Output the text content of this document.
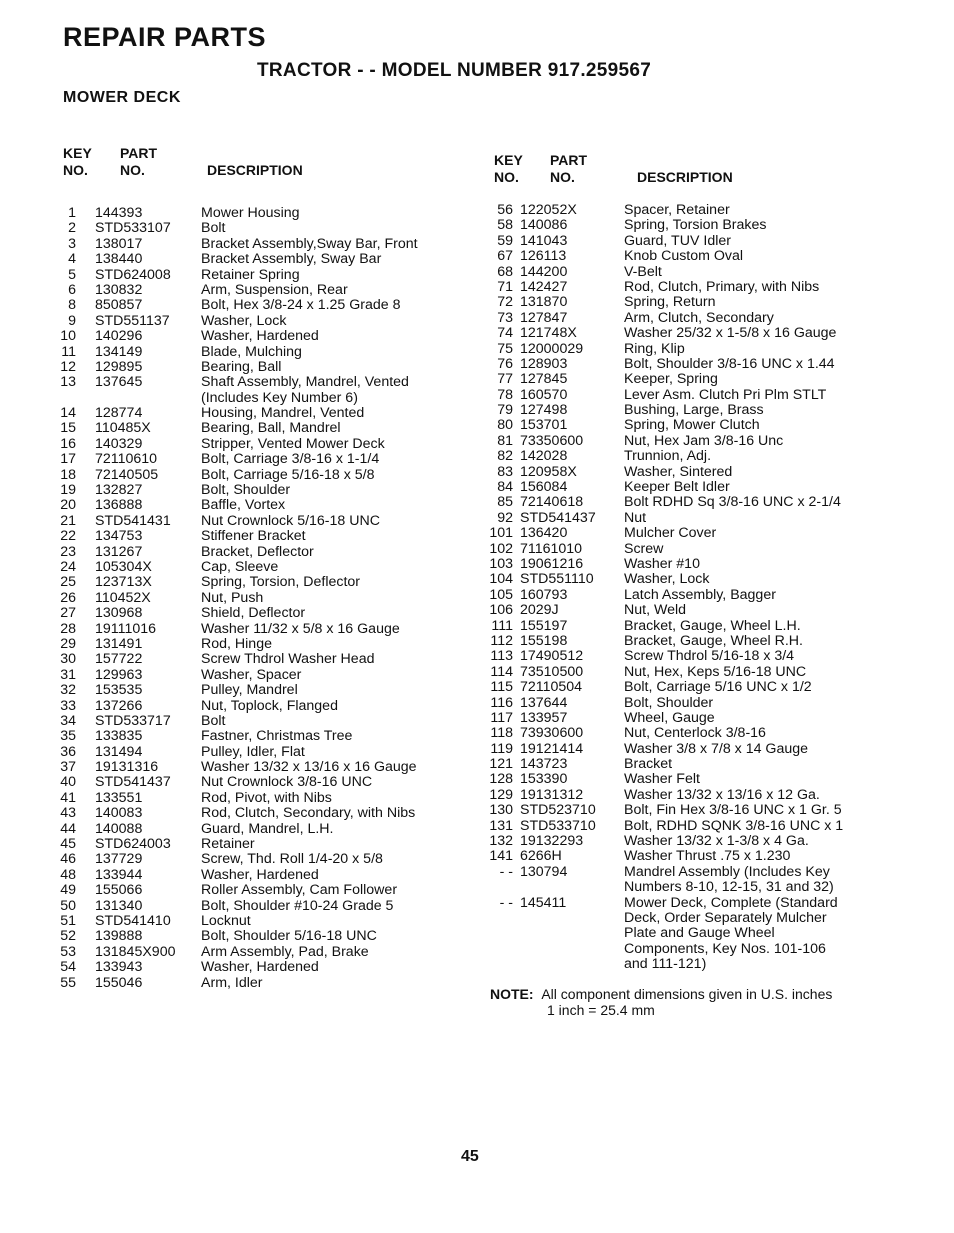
REPAIR PARTS
TRACTOR - - MODEL NUMBER 917.259567
MOWER DECK
KEY
NO.
PART
NO.	DESCRIPTION
KEY
NO.
PART
NO.	DESCRIPTION
1	144393	Mower Housing
2	STD533107	Bolt
3	138017	Bracket Assembly,Sway Bar, Front
4	138440	Bracket Assembly, Sway Bar
5	STD624008	Retainer Spring
6	130832	Arm, Suspension, Rear
8	850857	Bolt, Hex 3/8-24 x 1.25 Grade 8
9	STD551137	Washer, Lock
10	140296	Washer, Hardened
11	134149	Blade, Mulching
12	129895	Bearing, Ball
13	137645	Shaft Assembly, Mandrel, Vented
(Includes Key Number 6)
14	128774	Housing, Mandrel, Vented
15	110485X	Bearing, Ball, Mandrel
16	140329	Stripper, Vented Mower Deck
17	72110610	Bolt, Carriage 3/8-16 x 1-1/4
18	72140505	Bolt, Carriage 5/16-18 x 5/8
19	132827	Bolt, Shoulder
20	136888	Baffle, Vortex
21	STD541431	Nut Crownlock 5/16-18 UNC
22	134753	Stiffener Bracket
23	131267	Bracket, Deflector
24	105304X	Cap, Sleeve
25	123713X	Spring, Torsion, Deflector
26	110452X	Nut, Push
27	130968	Shield, Deflector
28	19111016	Washer 11/32 x 5/8 x 16 Gauge
29	131491	Rod, Hinge
30	157722	Screw Thdrol Washer Head
31	129963	Washer, Spacer
32	153535	Pulley, Mandrel
33	137266	Nut, Toplock, Flanged
34	STD533717	Bolt
35	133835	Fastner, Christmas Tree
36	131494	Pulley, Idler, Flat
37	19131316	Washer 13/32 x 13/16 x 16 Gauge
40	STD541437	Nut Crownlock 3/8-16 UNC
41	133551	Rod, Pivot, with Nibs
43	140083	Rod, Clutch, Secondary, with Nibs
44	140088	Guard, Mandrel, L.H.
45	STD624003	Retainer
46	137729	Screw, Thd. Roll 1/4-20 x 5/8
48	133944	Washer, Hardened
49	155066	Roller Assembly, Cam Follower
50	131340	Bolt, Shoulder #10-24 Grade 5
51	STD541410	Locknut
52	139888	Bolt, Shoulder 5/16-18 UNC
53	131845X900	Arm Assembly, Pad, Brake
54	133943	Washer, Hardened
55	155046	Arm, Idler
56 122052X	Spacer, Retainer
58 140086	Spring, Torsion Brakes
59 141043	Guard, TUV Idler
67 126113	Knob Custom Oval
68 144200	V-Belt
71 142427	Rod, Clutch, Primary, with Nibs
72 131870	Spring, Return
73 127847	Arm, Clutch, Secondary
74 121748X	Washer 25/32 x 1-5/8 x 16 Gauge
75 12000029	Ring, Klip
76 128903	Bolt, Shoulder 3/8-16 UNC x 1.44
77 127845	Keeper, Spring
78 160570	Lever Asm. Clutch Pri Plm STLT
79 127498	Bushing, Large, Brass
80 153701	Spring, Mower Clutch
81 73350600	Nut, Hex Jam 3/8-16 Unc
82 142028	Trunnion, Adj.
83 120958X	Washer, Sintered
84 156084	Keeper Belt Idler
85 72140618	Bolt RDHD Sq 3/8-16 UNC x 2-1/4
92 STD541437	Nut
101 136420	Mulcher Cover
102 71161010	Screw
103 19061216	Washer #10
104 STD551110	Washer, Lock
105 160793	Latch Assembly, Bagger
106 2029J	Nut, Weld
111 155197	Bracket, Gauge, Wheel L.H.
112 155198	Bracket, Gauge, Wheel R.H.
113 17490512	Screw Thdrol 5/16-18 x 3/4
114 73510500	Nut, Hex, Keps 5/16-18 UNC
115 72110504	Bolt, Carriage 5/16 UNC x 1/2
116 137644	Bolt, Shoulder
117 133957	Wheel, Gauge
118 73930600	Nut, Centerlock 3/8-16
119 19121414	Washer 3/8 x 7/8 x 14 Gauge
121 143723	Bracket
128 153390	Washer Felt
129 19131312	Washer 13/32 x 13/16 x 12 Ga.
130 STD523710	Bolt, Fin Hex 3/8-16 UNC x 1 Gr. 5
131 STD533710	Bolt, RDHD SQNK 3/8-16 UNC x 1
132 19132293	Washer 13/32 x 1-3/8 x 4 Ga.
141 6266H	Washer Thrust .75 x 1.230
- - 130794	Mandrel Assembly (Includes Key
Numbers 8-10, 12-15, 31 and 32)
- - 145411	Mower Deck, Complete (Standard
Deck, Order Separately Mulcher
Plate and Gauge Wheel
Components, Key Nos. 101-106
and 111-121)
NOTE: All component dimensions given in U.S. inches
1 inch = 25.4 mm
45
